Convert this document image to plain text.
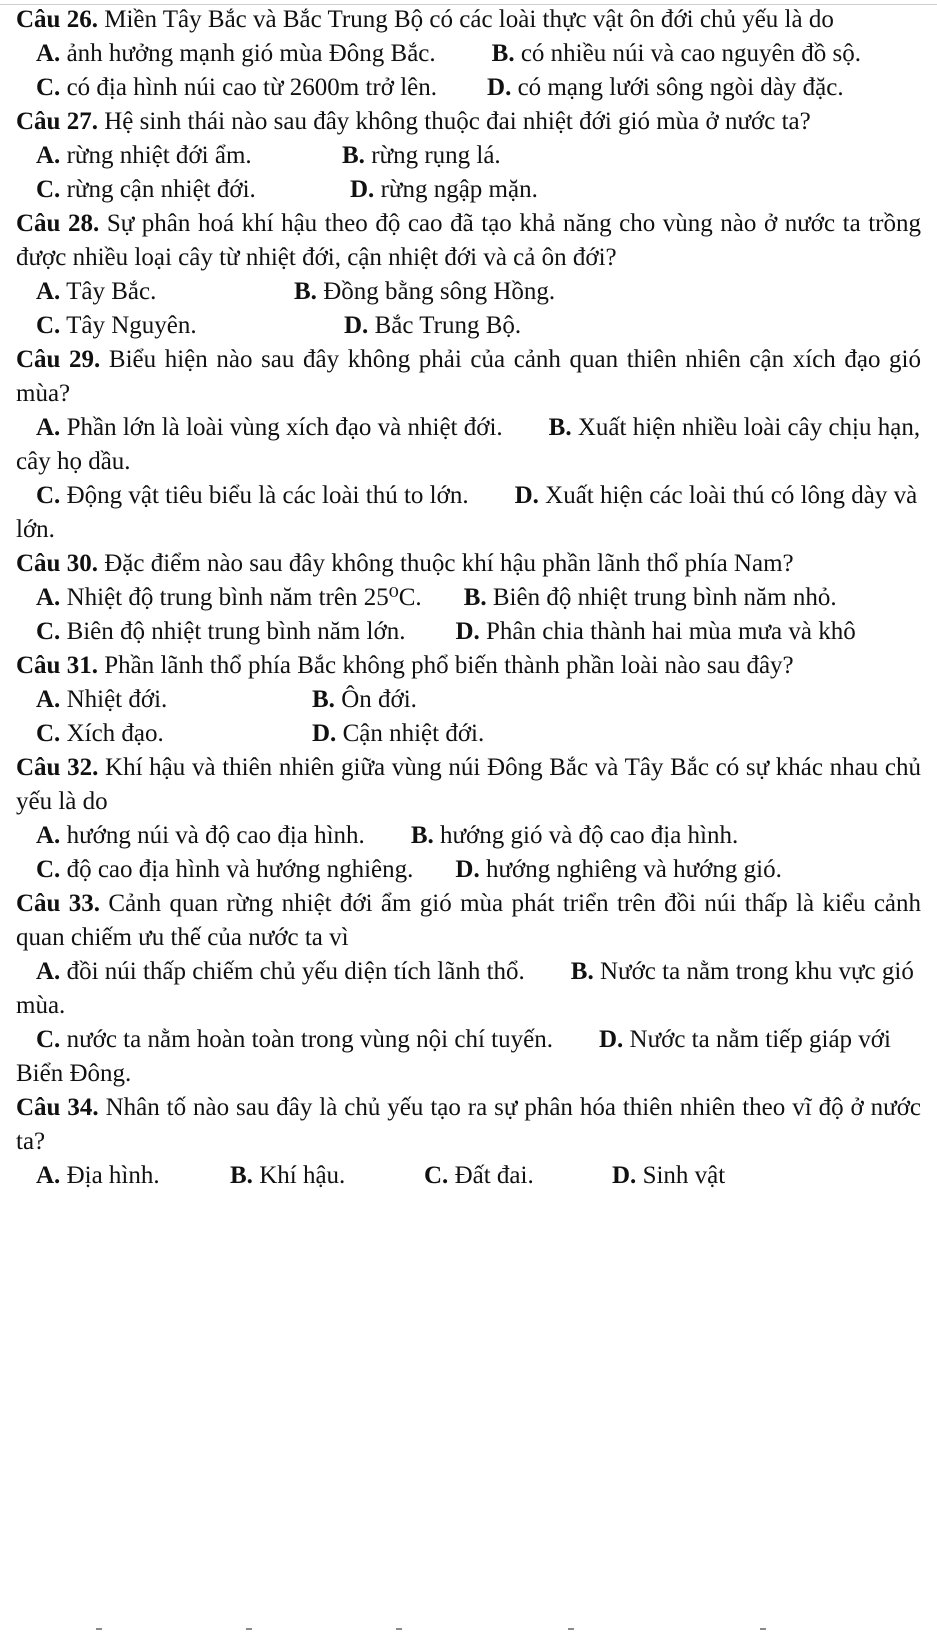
Câu 26. Miền Tây Bắc và Bắc Trung Bộ có các loài thực vật ôn đới chủ yếu là do

A. ảnh hưởng mạnh gió mùa Đông Bắc. B. có nhiều núi và cao nguyên đồ sộ.

C. có địa hình núi cao từ 2600m trở lên. D. có mạng lưới sông ngòi dày đặc.

Câu 27. Hệ sinh thái nào sau đây không thuộc đai nhiệt đới gió mùa ở nước ta?

A. rừng nhiệt đới ẩm.	B. rừng rụng lá.
C. rừng cận nhiệt đới.	D. rừng ngập mặn.

Câu 28. Sự phân hoá khí hậu theo độ cao đã tạo khả năng cho vùng nào ở nước ta trồng được nhiều loại cây từ nhiệt đới, cận nhiệt đới và cả ôn đới?

A. Tây Bắc.	B. Đồng bằng sông Hồng.
C. Tây Nguyên.	D. Bắc Trung Bộ.

Câu 29. Biểu hiện nào sau đây không phải của cảnh quan thiên nhiên cận xích đạo gió mùa?

A. Phần lớn là loài vùng xích đạo và nhiệt đới. B. Xuất hiện nhiều loài cây chịu hạn, cây họ dầu.

C. Động vật tiêu biểu là các loài thú to lớn. D. Xuất hiện các loài thú có lông dày và lớn.

Câu 30. Đặc điểm nào sau đây không thuộc khí hậu phần lãnh thổ phía Nam?

A. Nhiệt độ trung bình năm trên 25⁰C. B. Biên độ nhiệt trung bình năm nhỏ.

C. Biên độ nhiệt trung bình năm lớn. D. Phân chia thành hai mùa mưa và khô

Câu 31. Phần lãnh thổ phía Bắc không phổ biến thành phần loài nào sau đây?

A. Nhiệt đới.	B. Ôn đới.
C. Xích đạo.	D. Cận nhiệt đới.

Câu 32. Khí hậu và thiên nhiên giữa vùng núi Đông Bắc và Tây Bắc có sự khác nhau chủ yếu là do

A. hướng núi và độ cao địa hình. B. hướng gió và độ cao địa hình.

C. độ cao địa hình và hướng nghiêng. D. hướng nghiêng và hướng gió.

Câu 33. Cảnh quan rừng nhiệt đới ẩm gió mùa phát triển trên đồi núi thấp là kiểu cảnh quan chiếm ưu thế của nước ta vì

A. đồi núi thấp chiếm chủ yếu diện tích lãnh thổ. B. Nước ta nằm trong khu vực gió mùa.

C. nước ta nằm hoàn toàn trong vùng nội chí tuyến. D. Nước ta nằm tiếp giáp với Biển Đông.

Câu 34. Nhân tố nào sau đây là chủ yếu tạo ra sự phân hóa thiên nhiên theo vĩ độ ở nước ta?

A. Địa hình.	B. Khí hậu.	C. Đất đai.	D. Sinh vật
